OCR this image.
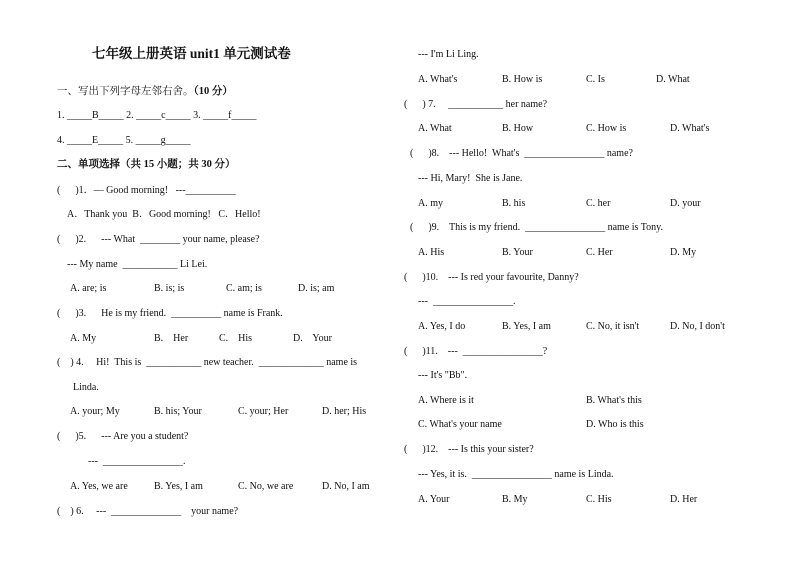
七年级上册英语 unit1 单元测试卷
一、写出下列字母左邻右舍。（10 分）
1. _____B_____ 2. _____c_____ 3. _____f_____
4. _____E_____ 5. _____g_____
二、单项选择（共 15 小题；共 30 分）
(      )1．— Good morning!   ---__________
A．Thank you  B．Good morning!   C．Hello!
(      )2.      --- What  ________ your name, please?
--- My name  ___________ Li Lei.
A. are; is	B. is; is	C. am; is	D. is; am
(      )3.      He is my friend.  __________ name is Frank.
A. My	B.    Her	C.    His	D.    Your
(    ) 4.     Hi!  This is  ___________ new teacher.  _____________ name is
Linda.
A. your; My	B. his; Your	C. your; Her	D. her; His
(      )5.      --- Are you a student?
---  ________________.
A. Yes, we are	B. Yes, I am	C. No, we are	D. No, I am
(    ) 6.     ---  ______________    your name?
--- I'm Li Ling.
A. What's	B. How is	C. Is	D. What
(      ) 7.     ___________ her name?
A. What	B. How	C. How is	D. What's
(      )8.    --- Hello!  What's  ________________ name?
--- Hi, Mary!  She is Jane.
A. my	B. his	C. her	D. your
(      )9.    This is my friend.  ________________ name is Tony.
A. His	B. Your	C. Her	D. My
(      )10.    --- Is red your favourite, Danny?
---  ________________.
A. Yes, I do	B. Yes, I am	C. No, it isn't	D. No, I don't
(      )11.    ---  ________________?
--- It's "Bb".
A. Where is it	B. What's this
C. What's your name	D. Who is this
(      )12.    --- Is this your sister?
--- Yes, it is.  ________________ name is Linda.
A. Your	B. My	C. His	D. Her
